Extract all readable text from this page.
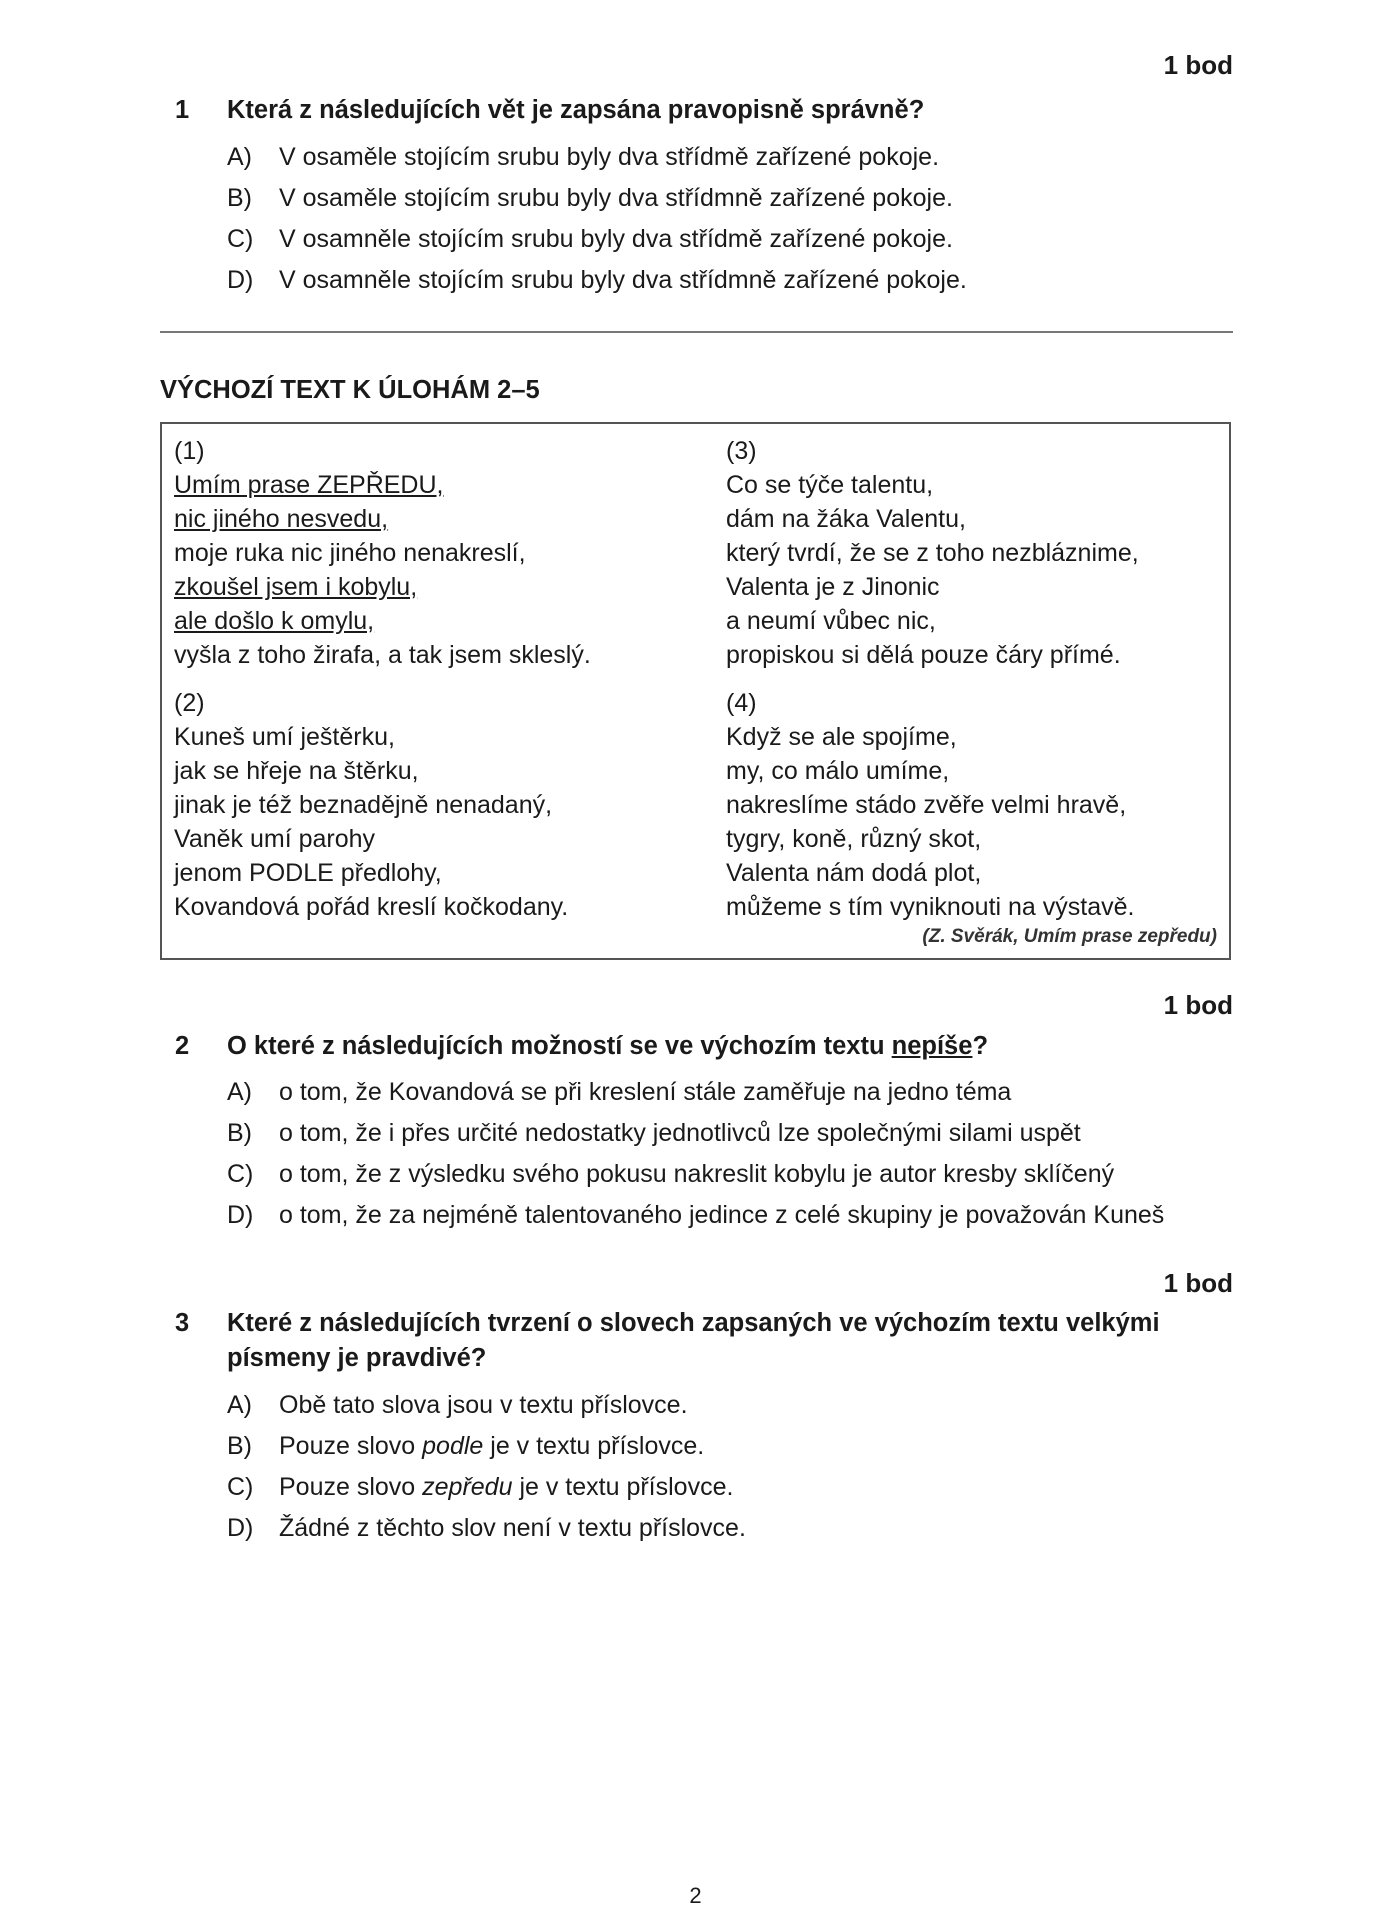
1 bod
1	Která z následujících vět je zapsána pravopisně správně?
A) V osaměle stojícím srubu byly dva střídmě zařízené pokoje.
B) V osaměle stojícím srubu byly dva střídmně zařízené pokoje.
C) V osamněle stojícím srubu byly dva střídmě zařízené pokoje.
D) V osamněle stojícím srubu byly dva střídmně zařízené pokoje.
VÝCHOZÍ TEXT K ÚLOHÁM 2–5
(1)
Umím prase ZEPŘEDU,
nic jiného nesvedu,
moje ruka nic jiného nenakreslí,
zkoušel jsem i kobylu,
ale došlo k omylu,
vyšla z toho žirafa, a tak jsem skleslý.
(2)
Kuneš umí ještěrku,
jak se hřeje na štěrku,
jinak je též beznadějně nenadaný,
Vaněk umí parohy
jenom PODLE předlohy,
Kovandová pořád kreslí kočkodany.
(3)
Co se týče talentu,
dám na žáka Valentu,
který tvrdí, že se z toho nezbláznime,
Valenta je z Jinonic
a neumí vůbec nic,
propiskou si dělá pouze čáry přímé.
(4)
Když se ale spojíme,
my, co málo umíme,
nakreslíme stádo zvěře velmi hravě,
tygry, koně, různý skot,
Valenta nám dodá plot,
můžeme s tím vyniknouti na výstavě.
(Z. Svěrák, Umím prase zepředu)
1 bod
2	O které z následujících možností se ve výchozím textu nepíše?
A) o tom, že Kovandová se při kreslení stále zaměřuje na jedno téma
B) o tom, že i přes určité nedostatky jednotlivců lze společnými silami uspět
C) o tom, že z výsledku svého pokusu nakreslit kobylu je autor kresby sklíčený
D) o tom, že za nejméně talentovaného jedince z celé skupiny je považován Kuneš
1 bod
3	Které z následujících tvrzení o slovech zapsaných ve výchozím textu velkými písmeny je pravdivé?
A) Obě tato slova jsou v textu příslovce.
B) Pouze slovo podle je v textu příslovce.
C) Pouze slovo zepředu je v textu příslovce.
D) Žádné z těchto slov není v textu příslovce.
2
